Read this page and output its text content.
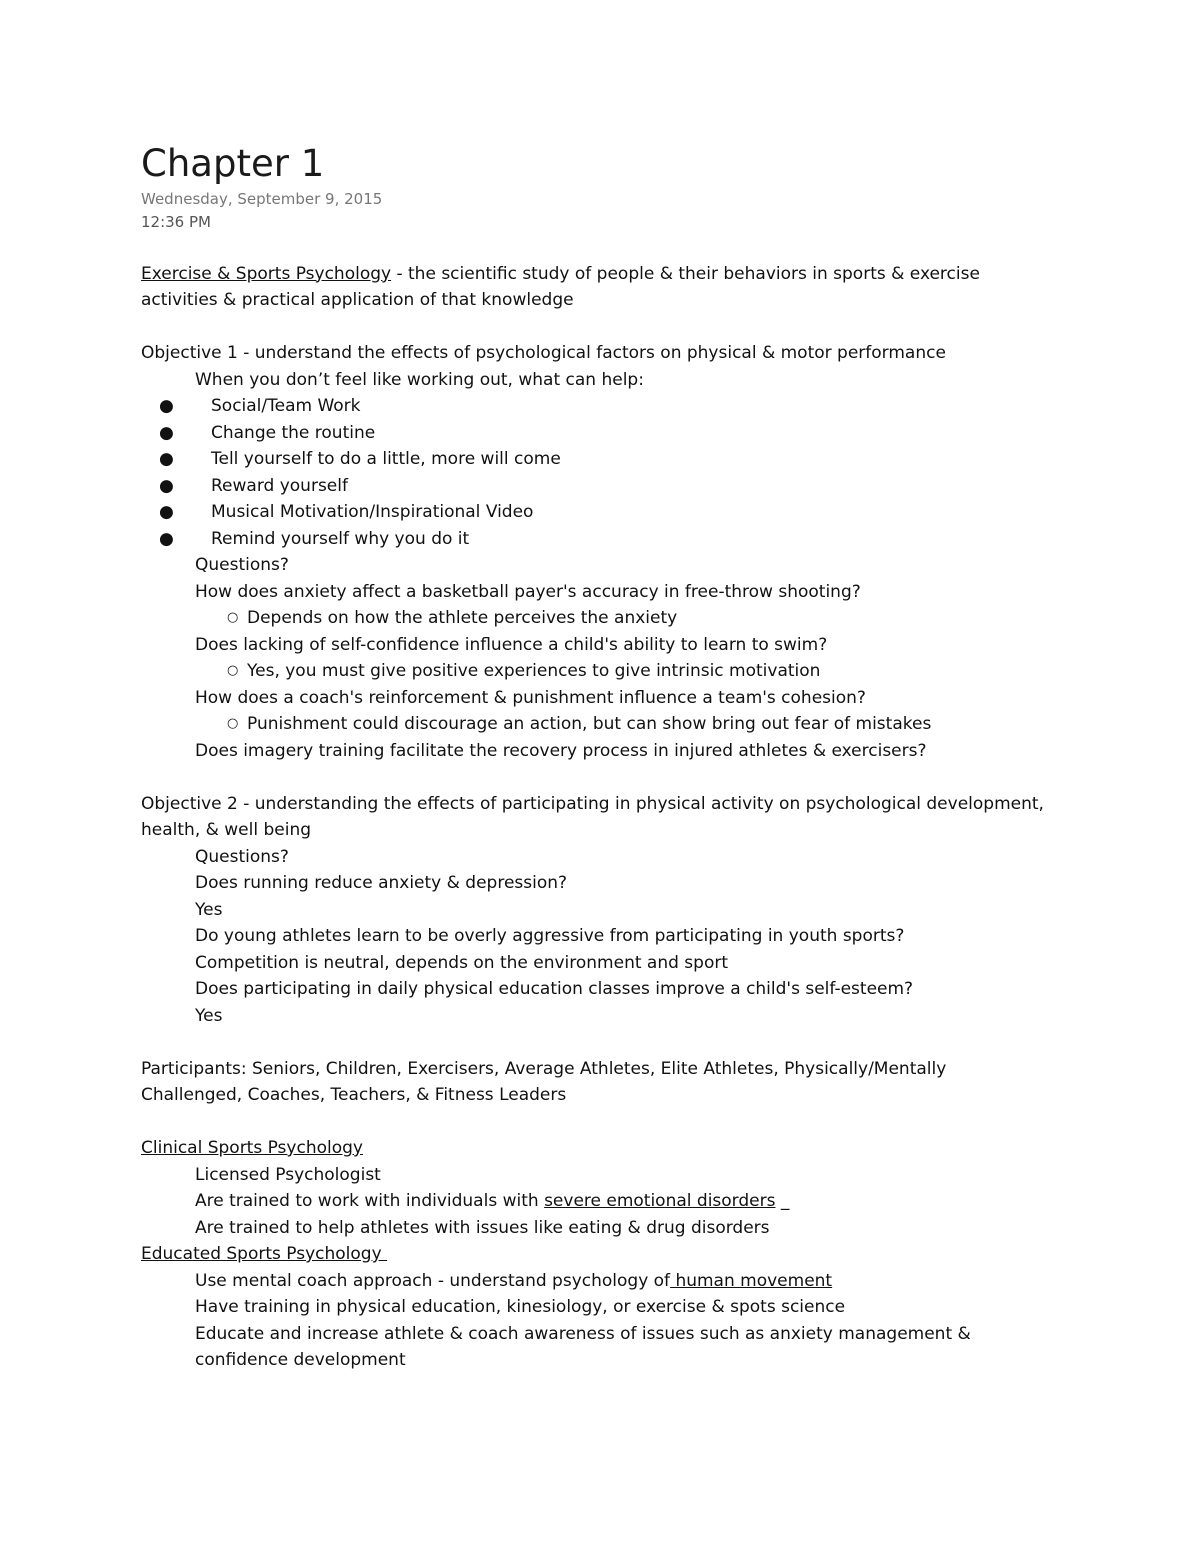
Chapter 1
Wednesday, September 9, 2015
12:36 PM
Exercise & Sports Psychology - the scientific study of people & their behaviors in sports & exercise
activities & practical application of that knowledge
Objective 1 - understand the effects of psychological factors on physical & motor performance
When you don’t feel like working out, what can help:
● Social/Team Work
● Change the routine
● Tell yourself to do a little, more will come
● Reward yourself
● Musical Motivation/Inspirational Video
● Remind yourself why you do it
Questions?
How does anxiety affect a basketball payer's accuracy in free-throw shooting?
○ Depends on how the athlete perceives the anxiety
Does lacking of self-confidence influence a child's ability to learn to swim?
○ Yes, you must give positive experiences to give intrinsic motivation
How does a coach's reinforcement & punishment influence a team's cohesion?
○ Punishment could discourage an action, but can show bring out fear of mistakes
Does imagery training facilitate the recovery process in injured athletes & exercisers?
Objective 2 - understanding the effects of participating in physical activity on psychological development,
health, & well being
Questions?
Does running reduce anxiety & depression?
Yes
Do young athletes learn to be overly aggressive from participating in youth sports?
Competition is neutral, depends on the environment and sport
Does participating in daily physical education classes improve a child's self-esteem?
Yes
Participants: Seniors, Children, Exercisers, Average Athletes, Elite Athletes, Physically/Mentally
Challenged, Coaches, Teachers, & Fitness Leaders
Clinical Sports Psychology
Licensed Psychologist
Are trained to work with individuals with severe emotional disorders _
Are trained to help athletes with issues like eating & drug disorders
Educated Sports Psychology
Use mental coach approach - understand psychology of human movement
Have training in physical education, kinesiology, or exercise & spots science
Educate and increase athlete & coach awareness of issues such as anxiety management &
confidence development
